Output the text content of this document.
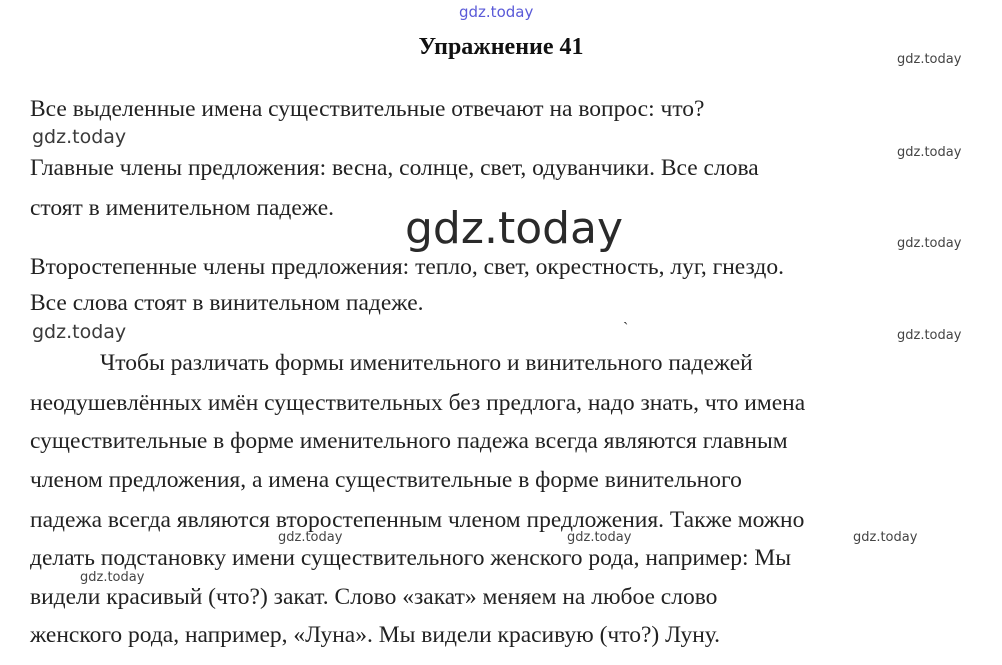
gdz.today
gdz.today
gdz.today
gdz.today
gdz.today	gdz.today
gdz.today	gdz.today
gdz.today	gdz.today	gdz.today
gdz.today
Упражнение 41
Все выделенные имена существительные отвечают на вопрос: что?
Главные члены предложения: весна, солнце, свет, одуванчики. Все слова
стоят в именительном падеже.
Второстепенные члены предложения: тепло, свет, окрестность, луг, гнездо.
Все слова стоят в винительном падеже.
Чтобы различать формы именительного и винительного падежей
неодушевлённых имён существительных без предлога, надо знать, что имена
существительные в форме именительного падежа всегда являются главным
членом предложения, а имена существительные в форме винительного
падежа всегда являются второстепенным членом предложения. Также можно
делать подстановку имени существительного женского рода, например: Мы
видели красивый (что?) закат. Слово «закат» меняем на любое слово
женского рода, например, «Луна». Мы видели красивую (что?) Луну.
ˎ
